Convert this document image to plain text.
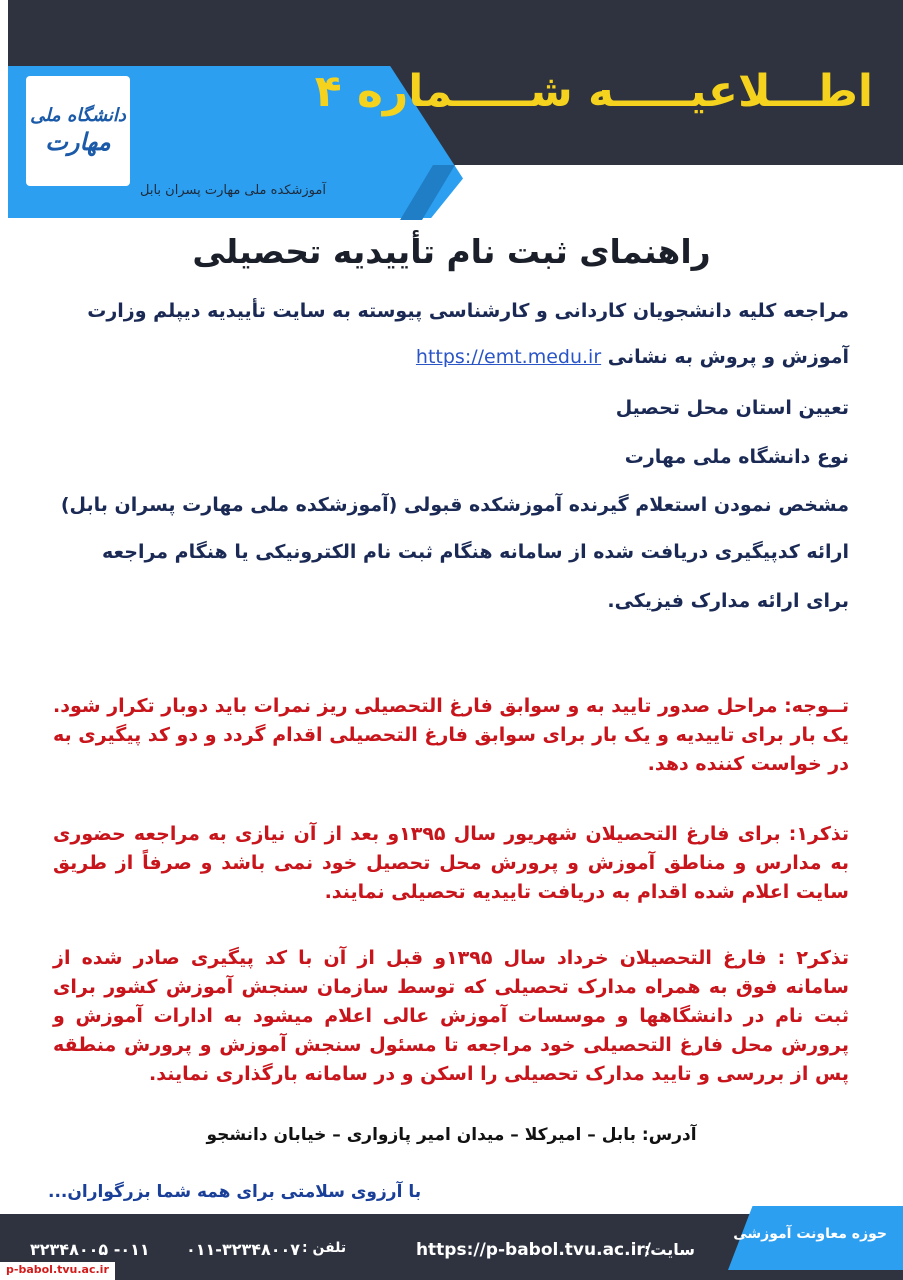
اطـــلاعیـــــه شـــــماره ۴
دانشگاه ملی
مهارت
آموزشکده ملی مهارت پسران بابل
راهنمای ثبت نام تأییدیه تحصیلی
مراجعه کلیه دانشجویان کاردانی و کارشناسی پیوسته به سایت تأییدیه دیپلم وزارت
آموزش و پروش به نشانی https://emt.medu.ir
تعیین استان محل تحصیل
نوع دانشگاه ملی مهارت
مشخص نمودن استعلام گیرنده آموزشکده قبولی (آموزشکده ملی مهارت پسران بابل)
ارائه کدپیگیری دریافت شده از سامانه هنگام ثبت نام الکترونیکی یا هنگام مراجعه
برای ارائه مدارک فیزیکی.
تــوجه: مراحل صدور تایید به و سوابق فارغ التحصیلی ریز نمرات باید دوبار تکرار شود. یک بار برای تاییدیه و یک بار برای سوابق فارغ التحصیلی اقدام گردد و دو کد پیگیری به در خواست کننده دهد.
تذکر۱: برای فارغ التحصیلان شهریور سال ۱۳۹۵و بعد از آن نیازی به مراجعه حضوری به مدارس و مناطق آموزش و پرورش محل تحصیل خود نمی باشد و صرفاً از طریق سایت اعلام شده اقدام به دریافت تاییدیه تحصیلی نمایند.
تذکر۲ : فارغ التحصیلان خرداد سال ۱۳۹۵و قبل از آن با کد پیگیری صادر شده از سامانه فوق به همراه مدارک تحصیلی که توسط سازمان سنجش آموزش کشور برای ثبت نام در دانشگاهها و موسسات آموزش عالی اعلام میشود به ادارات آموزش و پرورش محل فارغ التحصیلی خود مراجعه تا مسئول سنجش آموزش و پرورش منطقه پس از بررسی و تایید مدارک تحصیلی را اسکن و در سامانه بارگذاری نمایند.
آدرس: بابل – امیرکلا – میدان امیر پازواری – خیابان دانشجو
با آرزوی سلامتی برای همه شما بزرگواران...
حوزه معاونت آموزشی
سایت:
https://p-babol.tvu.ac.ir/
تلفن :
۰۱۱-۳۲۳۴۸۰۰۷
۰۱۱- ۳۲۳۴۸۰۰۵
p-babol.tvu.ac.ir
